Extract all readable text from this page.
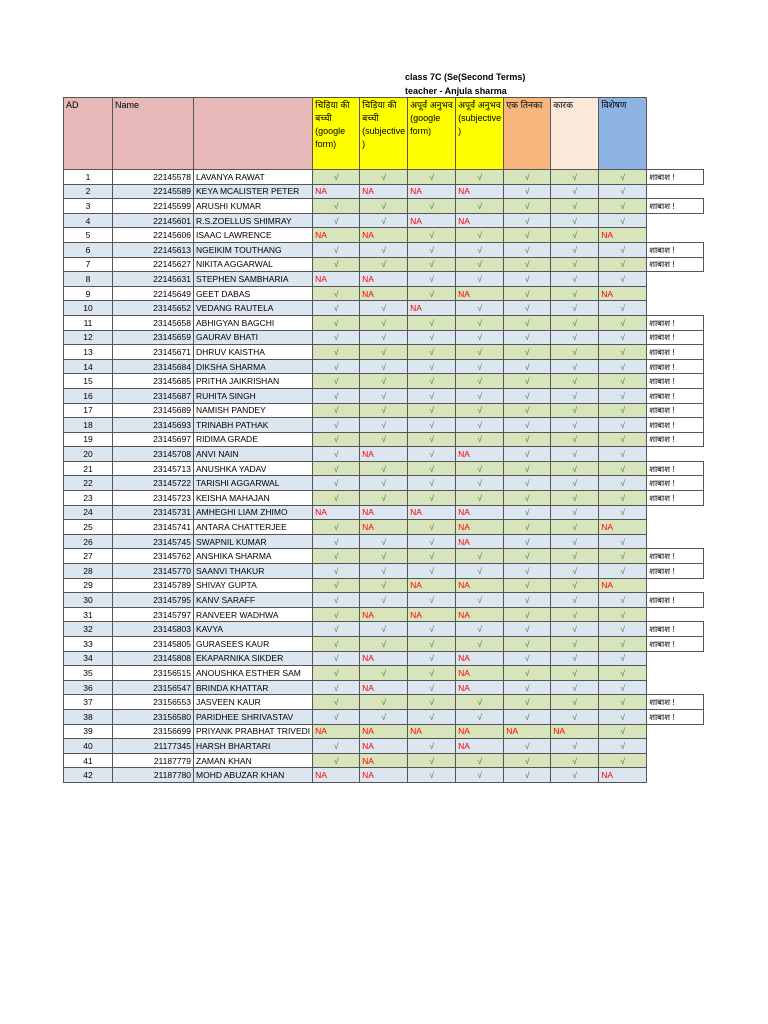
class 7C (Se(Second Terms)
teacher - Anjula sharma
AD	Name		चिड़िया की बच्ची (google form)	चिड़िया की बच्ची (subjective )	अपूर्व अनुभव (google form)	अपूर्व अनुभव (subjective )	एक तिनका	कारक	विशेषण	
1	22145578	LAVANYA RAWAT	√	√	√	√	√	√	√	शाबाश !
2	22145589	KEYA MCALISTER PETER	NA	NA	NA	NA	√	√	√	
3	22145599	ARUSHI KUMAR	√	√	√	√	√	√	√	शाबाश !
4	22145601	R.S.ZOELLUS SHIMRAY	√	√	NA	NA	√	√	√	
5	22145606	ISAAC LAWRENCE	NA	NA	√	√	√	√	NA	
6	22145613	NGEIKIM TOUTHANG	√	√	√	√	√	√	√	शाबाश !
7	22145627	NIKITA AGGARWAL	√	√	√	√	√	√	√	शाबाश !
8	22145631	STEPHEN SAMBHARIA	NA	NA	√	√	√	√	√	
9	22145649	GEET DABAS	√	NA	√	NA	√	√	NA	
10	23145652	VEDANG RAUTELA	√	√	NA	√	√	√	√	
11	23145658	ABHIGYAN BAGCHI	√	√	√	√	√	√	√	शाबाश !
12	23145659	GAURAV BHATI	√	√	√	√	√	√	√	शाबाश !
13	23145671	DHRUV KAISTHA	√	√	√	√	√	√	√	शाबाश !
14	23145684	DIKSHA SHARMA	√	√	√	√	√	√	√	शाबाश !
15	23145685	PRITHA JAIKRISHAN	√	√	√	√	√	√	√	शाबाश !
16	23145687	RUHITA SINGH	√	√	√	√	√	√	√	शाबाश !
17	23145689	NAMISH PANDEY	√	√	√	√	√	√	√	शाबाश !
18	23145693	TRINABH PATHAK	√	√	√	√	√	√	√	शाबाश !
19	23145697	RIDIMA GRADE	√	√	√	√	√	√	√	शाबाश !
20	23145708	ANVI NAIN	√	NA	√	NA	√	√	√	
21	23145713	ANUSHKA YADAV	√	√	√	√	√	√	√	शाबाश !
22	23145722	TARISHI AGGARWAL	√	√	√	√	√	√	√	शाबाश !
23	23145723	KEISHA MAHAJAN	√	√	√	√	√	√	√	शाबाश !
24	23145731	AMHEGHI LIAM ZHIMO	NA	NA	NA	NA	√	√	√	
25	23145741	ANTARA CHATTERJEE	√	NA	√	NA	√	√	NA	
26	23145745	SWAPNIL KUMAR	√	√	√	NA	√	√	√	
27	23145762	ANSHIKA SHARMA	√	√	√	√	√	√	√	शाबाश !
28	23145770	SAANVI THAKUR	√	√	√	√	√	√	√	शाबाश !
29	23145789	SHIVAY GUPTA	√	√	NA	NA	√	√	NA	
30	23145795	KANV SARAFF	√	√	√	√	√	√	√	शाबाश !
31	23145797	RANVEER WADHWA	√	NA	NA	NA	√	√	√	
32	23145803	KAVYA	√	√	√	√	√	√	√	शाबाश !
33	23145805	GURASEES KAUR	√	√	√	√	√	√	√	शाबाश !
34	23145808	EKAPARNIKA SIKDER	√	NA	√	NA	√	√	√	
35	23156515	ANOUSHKA ESTHER SAM	√	√	√	NA	√	√	√	
36	23156547	BRINDA KHATTAR	√	NA	√	NA	√	√	√	
37	23156553	JASVEEN KAUR	√	√	√	√	√	√	√	शाबाश !
38	23156580	PARIDHEE SHRIVASTAV	√	√	√	√	√	√	√	शाबाश !
39	23156699	PRIYANK PRABHAT TRIVEDI	NA	NA	NA	NA	NA	NA	√	
40	21177345	HARSH BHARTARI	√	NA	√	NA	√	√	√	
41	21187779	ZAMAN KHAN	√	NA	√	√	√	√	√	
42	21187780	MOHD ABUZAR KHAN	NA	NA	√	√	√	√	NA	
